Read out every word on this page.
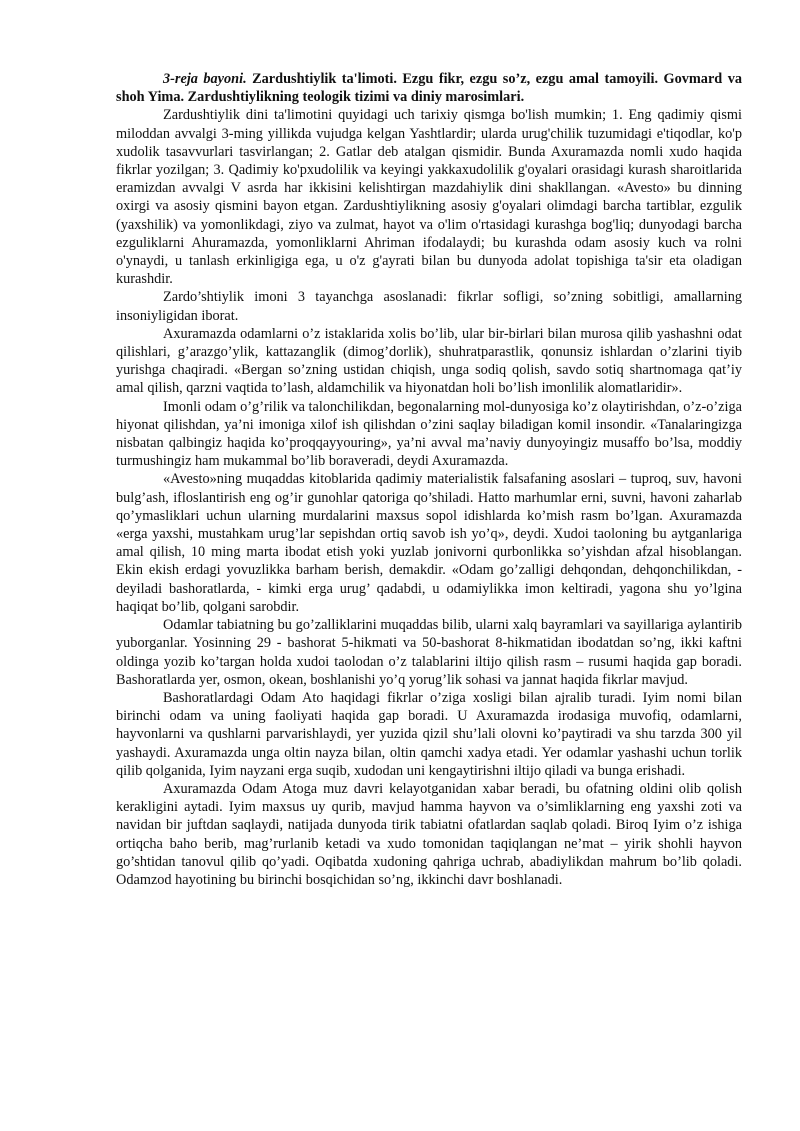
3-reja bayoni. Zardushtiylik ta'limoti. Ezgu fikr, ezgu so’z, ezgu amal tamoyili. Govmard va shoh Yima. Zardushtiylikning teologik tizimi va diniy marosimlari.

Zardushtiylik dini ta'limotini quyidagi uch tarixiy qismga bo'lish mumkin; 1. Eng qadimiy qismi miloddan avvalgi 3-ming yillikda vujudga kelgan Yashtlardir; ularda urug'chilik tuzumidagi e'tiqodlar, ko'p xudolik tasavvurlari tasvirlangan; 2. Gatlar deb atalgan qismidir. Bunda Axuramazda nomli xudo haqida fikrlar yozilgan; 3. Qadimiy ko'pxudolilik va keyingi yakkaxudolilik g'oyalari orasidagi kurash sharoitlarida eramizdan avvalgi V asrda har ikkisini kelishtirgan mazdahiylik dini shakllangan. «Avesto» bu dinning oxirgi va asosiy qismini bayon etgan. Zardushtiylikning asosiy g'oyalari olimdagi barcha tartiblar, ezgulik (yaxshilik) va yomonlikdagi, ziyo va zulmat, hayot va o'lim o'rtasidagi kurashga bog'liq; dunyodagi barcha ezguliklarni Ahuramazda, yomonliklarni Ahriman ifodalaydi; bu kurashda odam asosiy kuch va rolni o'ynaydi, u tanlash erkinligiga ega, u o'z g'ayrati bilan bu dunyoda adolat topishiga ta'sir eta oladigan kurashdir.

Zardo’shtiylik imoni 3 tayanchga asoslanadi: fikrlar sofligi, so’zning sobitligi, amallarning insoniyligidan iborat.

Axuramazda odamlarni o’z istaklarida xolis bo’lib, ular bir-birlari bilan murosa qilib yashashni odat qilishlari, g’arazgo’ylik, kattazanglik (dimog’dorlik), shuhratparastlik, qonunsiz ishlardan o’zlarini tiyib yurishga chaqiradi. «Bergan so’zning ustidan chiqish, unga sodiq qolish, savdo sotiq shartnomaga qat’iy amal qilish, qarzni vaqtida to’lash, aldamchilik va hiyonatdan holi bo’lish imonlilik alomatlaridir».

Imonli odam o’g’rilik va talonchilikdan, begonalarning mol-dunyosiga ko’z olaytirishdan, o’z-o’ziga hiyonat qilishdan, ya’ni imoniga xilof ish qilishdan o’zini saqlay biladigan komil insondir. «Tanalaringizga nisbatan qalbingiz haqida ko’proqqayyouring», ya’ni avval ma’naviy dunyoyingiz musaffo bo’lsa, moddiy turmushingiz ham mukammal bo’lib boraveradi, deydi Axuramazda.

«Avesto»ning muqaddas kitoblarida qadimiy materialistik falsafaning asoslari – tuproq, suv, havoni bulg’ash, ifloslantirish eng og’ir gunohlar qatoriga qo’shiladi. Hatto marhumlar erni, suvni, havoni zaharlab qo’ymasliklari uchun ularning murdalarini maxsus sopol idishlarda ko’mish rasm bo’lgan. Axuramazda «erga yaxshi, mustahkam urug’lar sepishdan ortiq savob ish yo’q», deydi. Xudoi taoloning bu aytganlariga amal qilish, 10 ming marta ibodat etish yoki yuzlab jonivorni qurbonlikka so’yishdan afzal hisoblangan. Ekin ekish erdagi yovuzlikka barham berish, demakdir. «Odam go’zalligi dehqondan, dehqonchilikdan, - deyiladi bashoratlarda, - kimki erga urug’ qadabdi, u odamiylikka imon keltiradi, yagona shu yo’lgina haqiqat bo’lib, qolgani sarobdir.

Odamlar tabiatning bu go’zalliklarini muqaddas bilib, ularni xalq bayramlari va sayillariga aylantirib yuborganlar. Yosinning 29 - bashorat 5-hikmati va 50-bashorat 8-hikmatidan ibodatdan so’ng, ikki kaftni oldinga yozib ko’targan holda xudoi taolodan o’z talablarini iltijo qilish rasm – rusumi haqida gap boradi. Bashoratlarda yer, osmon, okean, boshlanishi yo’q yorug’lik sohasi va jannat haqida fikrlar mavjud.

Bashoratlardagi Odam Ato haqidagi fikrlar o’ziga xosligi bilan ajralib turadi. Iyim nomi bilan birinchi odam va uning faoliyati haqida gap boradi. U Axuramazda irodasiga muvofiq, odamlarni, hayvonlarni va qushlarni parvarishlaydi, yer yuzida qizil shu’lali olovni ko’paytiradi va shu tarzda 300 yil yashaydi. Axuramazda unga oltin nayza bilan, oltin qamchi xadya etadi. Yer odamlar yashashi uchun torlik qilib qolganida, Iyim nayzani erga suqib, xudodan uni kengaytirishni iltijo qiladi va bunga erishadi.

Axuramazda Odam Atoga muz davri kelayotganidan xabar beradi, bu ofatning oldini olib qolish kerakligini aytadi. Iyim maxsus uy qurib, mavjud hamma hayvon va o’simliklarning eng yaxshi zoti va navidan bir juftdan saqlaydi, natijada dunyoda tirik tabiatni ofatlardan saqlab qoladi. Biroq Iyim o’z ishiga ortiqcha baho berib, mag’rurlanib ketadi va xudo tomonidan taqiqlangan ne’mat – yirik shohli hayvon go’shtidan tanovul qilib qo’yadi. Oqibatda xudoning qahriga uchrab, abadiylikdan mahrum bo’lib qoladi. Odamzod hayotining bu birinchi bosqichidan so’ng, ikkinchi davr boshlanadi.
